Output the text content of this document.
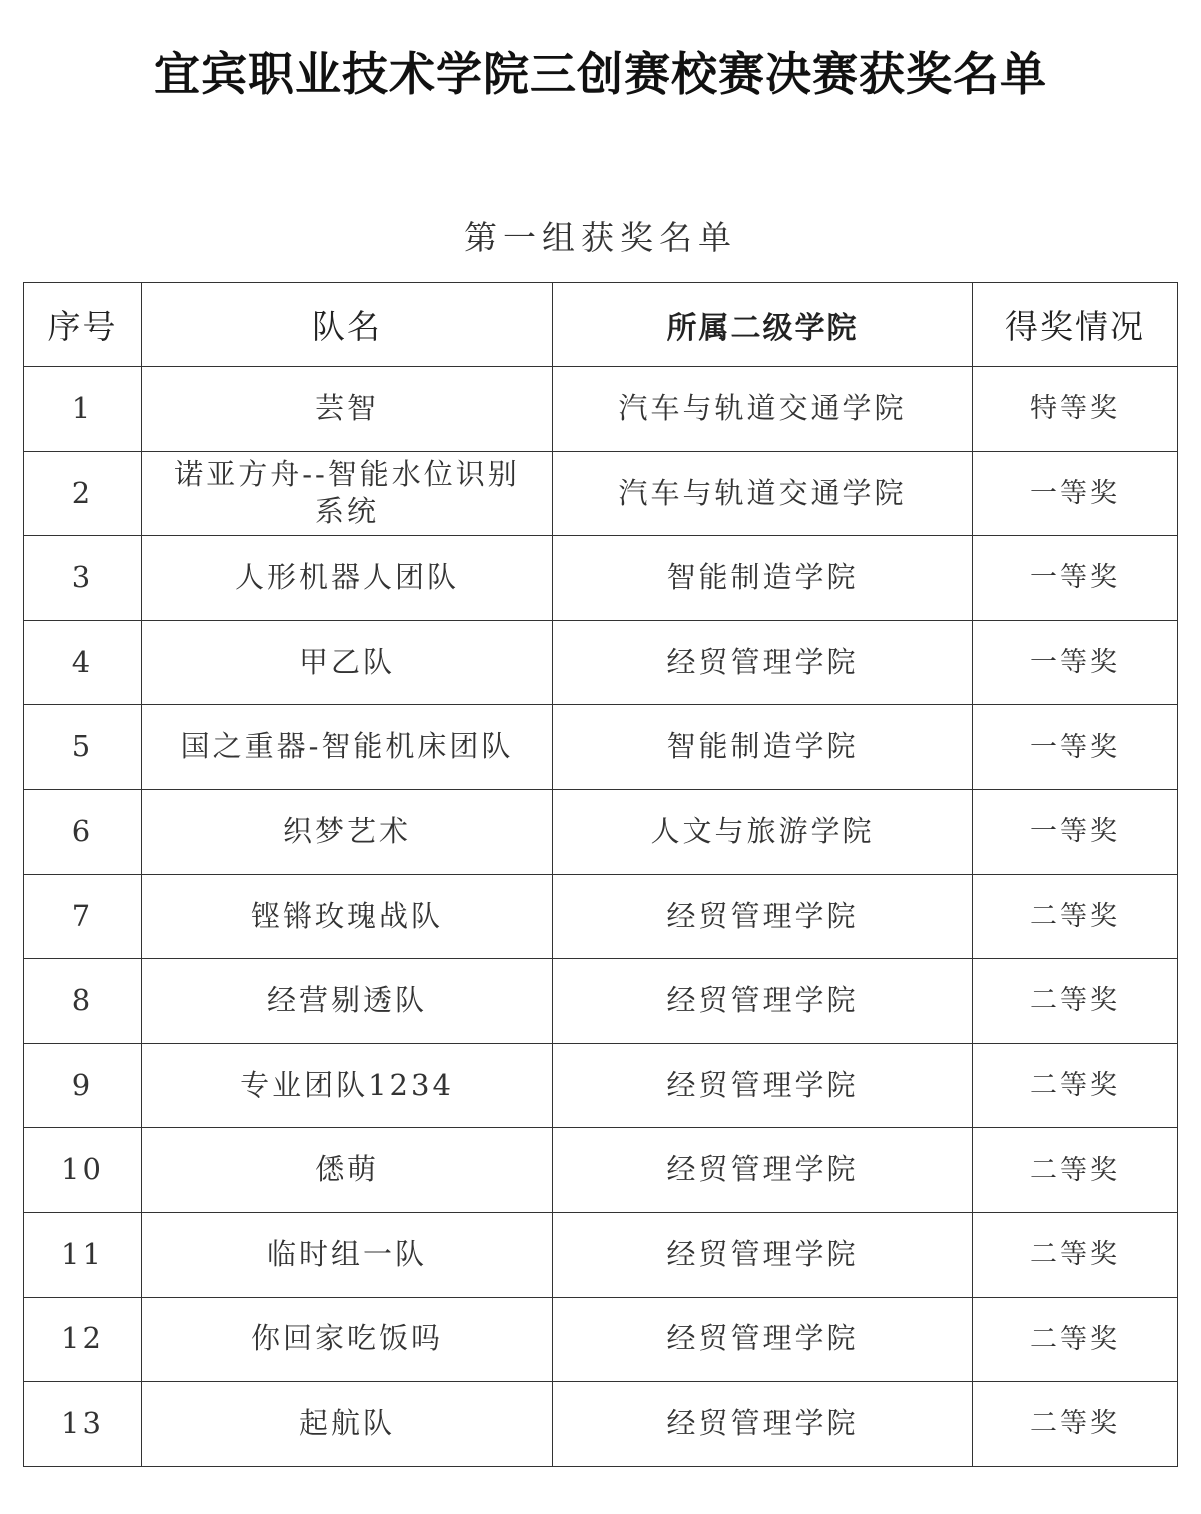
宜宾职业技术学院三创赛校赛决赛获奖名单
第一组获奖名单
序号	队名	所属二级学院	得奖情况
1	芸智	汽车与轨道交通学院	特等奖
2	诺亚方舟--智能水位识别系统	汽车与轨道交通学院	一等奖
3	人形机器人团队	智能制造学院	一等奖
4	甲乙队	经贸管理学院	一等奖
5	国之重器-智能机床团队	智能制造学院	一等奖
6	织梦艺术	人文与旅游学院	一等奖
7	铿锵玫瑰战队	经贸管理学院	二等奖
8	经营剔透队	经贸管理学院	二等奖
9	专业团队1234	经贸管理学院	二等奖
10	僁萌	经贸管理学院	二等奖
11	临时组一队	经贸管理学院	二等奖
12	你回家吃饭吗	经贸管理学院	二等奖
13	起航队	经贸管理学院	二等奖
